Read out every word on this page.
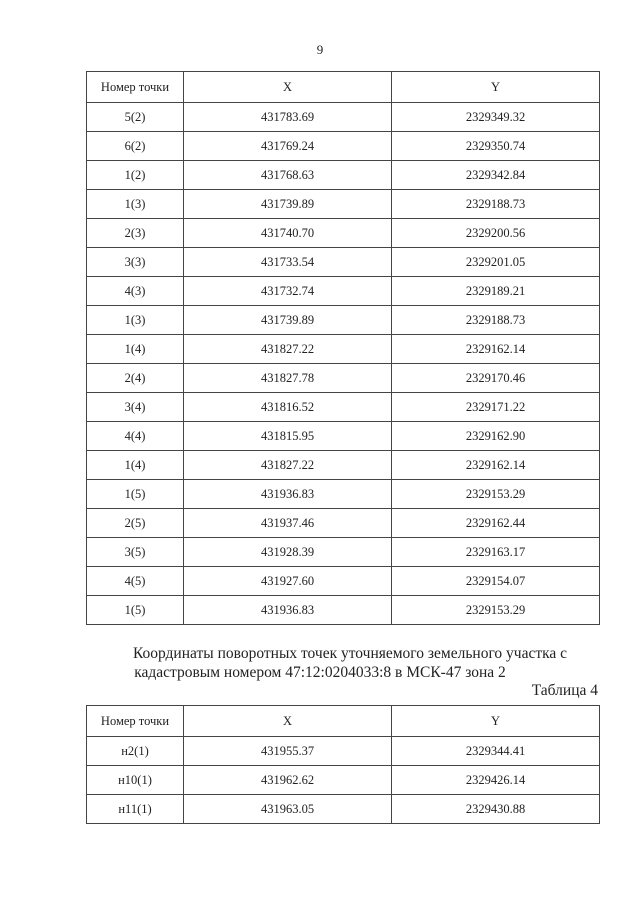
9
Номер точки	X	Y
5(2)	431783.69	2329349.32
6(2)	431769.24	2329350.74
1(2)	431768.63	2329342.84
1(3)	431739.89	2329188.73
2(3)	431740.70	2329200.56
3(3)	431733.54	2329201.05
4(3)	431732.74	2329189.21
1(3)	431739.89	2329188.73
1(4)	431827.22	2329162.14
2(4)	431827.78	2329170.46
3(4)	431816.52	2329171.22
4(4)	431815.95	2329162.90
1(4)	431827.22	2329162.14
1(5)	431936.83	2329153.29
2(5)	431937.46	2329162.44
3(5)	431928.39	2329163.17
4(5)	431927.60	2329154.07
1(5)	431936.83	2329153.29
Координаты поворотных точек уточняемого земельного участка с
кадастровым номером 47:12:0204033:8 в МСК-47 зона 2
Таблица 4
Номер точки	X	Y
н2(1)	431955.37	2329344.41
н10(1)	431962.62	2329426.14
н11(1)	431963.05	2329430.88
